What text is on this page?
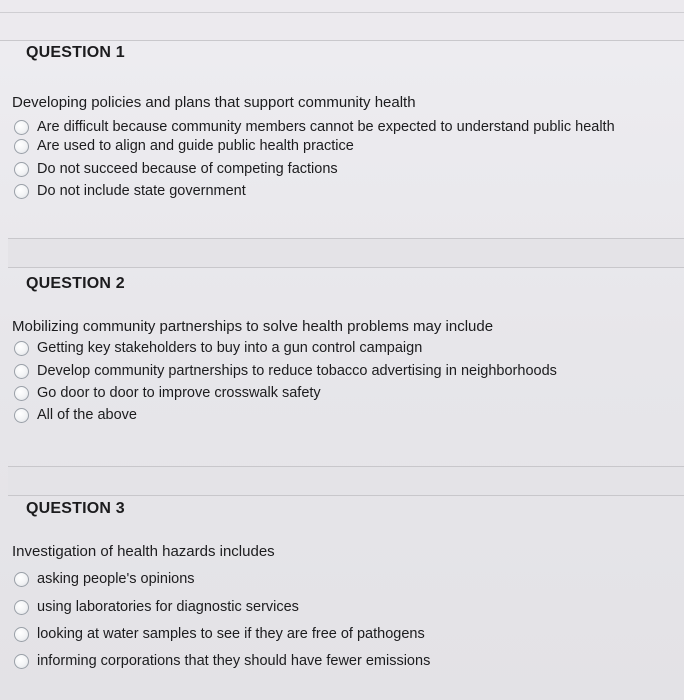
QUESTION 1
Developing policies and plans that support community health
Are difficult because community members cannot be expected to understand public health
Are used to align and guide public health practice
Do not succeed because of competing factions
Do not include state government
QUESTION 2
Mobilizing community partnerships to solve health problems may include
Getting key stakeholders to buy into a gun control campaign
Develop community partnerships to reduce tobacco advertising in neighborhoods
Go door to door to improve crosswalk safety
All of the above
QUESTION 3
Investigation of health hazards includes
asking people's opinions
using laboratories for diagnostic services
looking at water samples to see if they are free of pathogens
informing corporations that they should have fewer emissions
